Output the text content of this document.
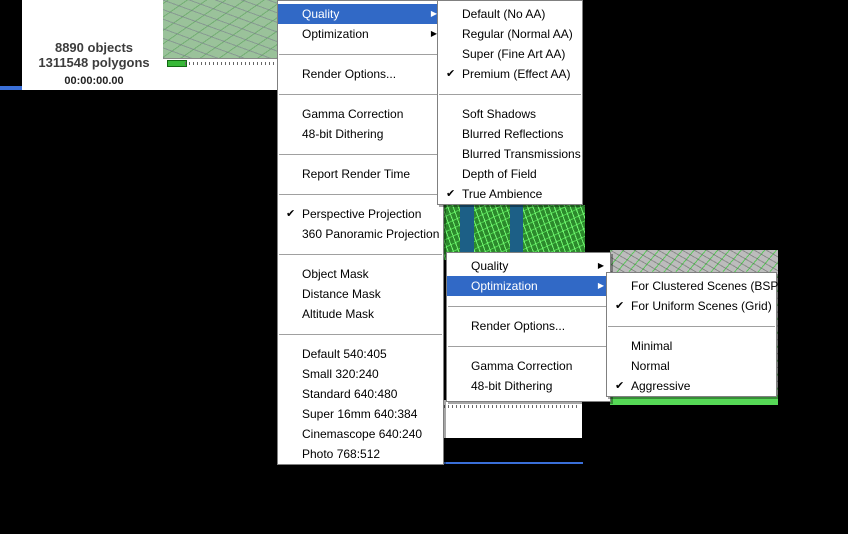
8890 objects
1311548 polygons
00:00:00.00
Quality	▶
Optimization	▶
Render Options...
Gamma Correction
48-bit Dithering
Report Render Time
✔ Perspective Projection
360 Panoramic Projection
Object Mask
Distance Mask
Altitude Mask
Default 540:405
Small 320:240
Standard 640:480
Super 16mm 640:384
Cinemascope 640:240
Photo 768:512
Default (No AA)
Regular (Normal AA)
Super (Fine Art AA)
✔ Premium (Effect AA)
Soft Shadows
Blurred Reflections
Blurred Transmissions
Depth of Field
✔ True Ambience
Quality	▶
Optimization	▶
Render Options...
Gamma Correction
48-bit Dithering
For Clustered Scenes (BSP)
✔ For Uniform Scenes (Grid)
Minimal
Normal
✔ Aggressive
